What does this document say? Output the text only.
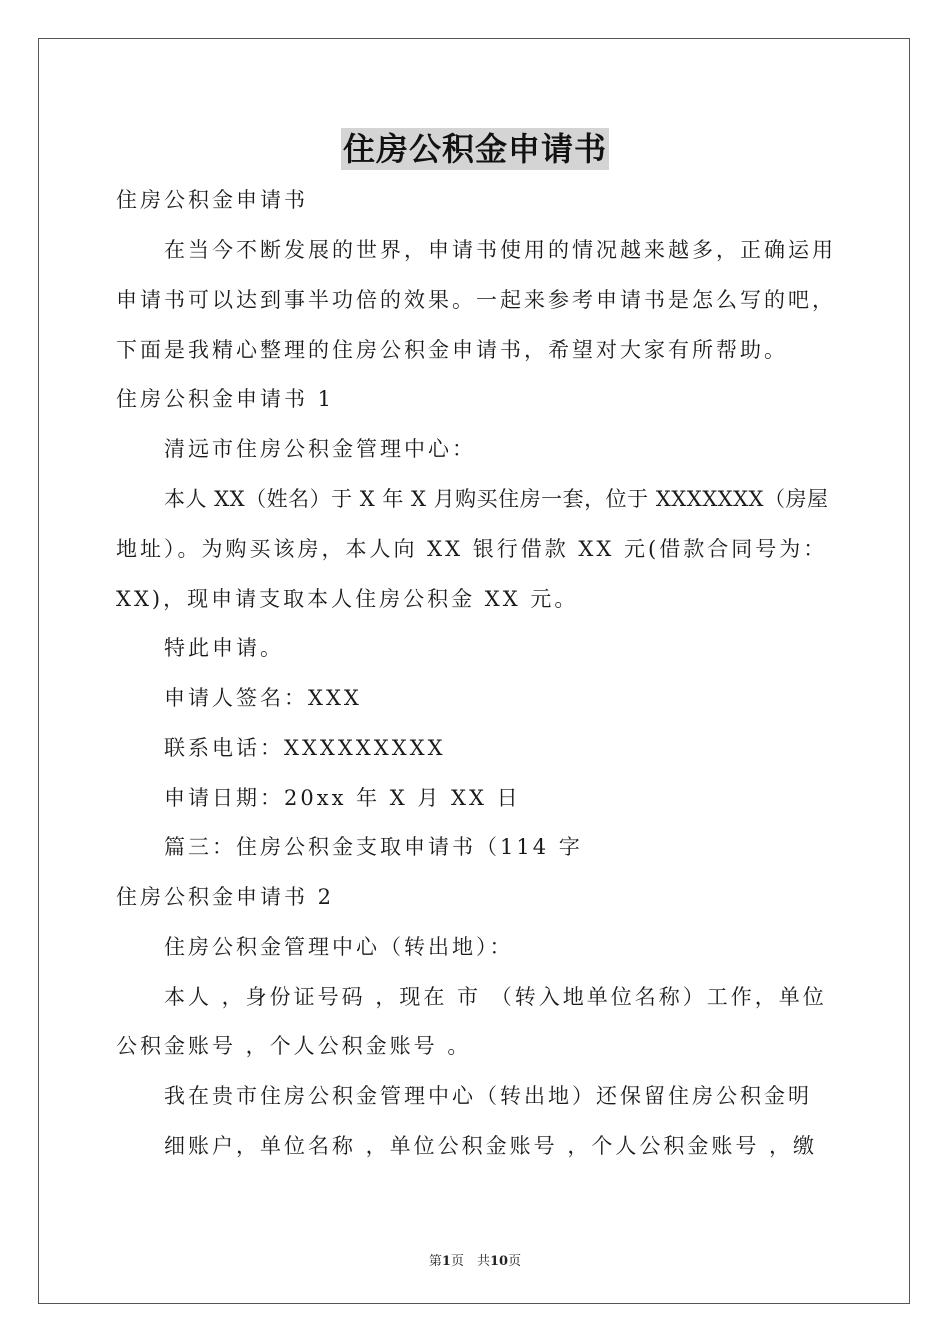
住房公积金申请书
住房公积金申请书
在当今不断发展的世界，申请书使用的情况越来越多，正确运用
申请书可以达到事半功倍的效果。一起来参考申请书是怎么写的吧，
下面是我精心整理的住房公积金申请书，希望对大家有所帮助。
住房公积金申请书 1
清远市住房公积金管理中心：
本人 XX（姓名）于 X 年 X 月购买住房一套，位于 XXXXXXX（房屋
地址）。为购买该房，本人向 XX 银行借款 XX 元(借款合同号为：
XX)，现申请支取本人住房公积金 XX 元。
特此申请。
申请人签名：XXX
联系电话：XXXXXXXXX
申请日期：20xx 年 X 月 XX 日
篇三：住房公积金支取申请书（114 字
住房公积金申请书 2
住房公积金管理中心（转出地）：
本人 ，身份证号码 ，现在 市 （转入地单位名称）工作，单位
公积金账号 ，个人公积金账号 。
我在贵市住房公积金管理中心（转出地）还保留住房公积金明
细账户，单位名称 ，单位公积金账号 ，个人公积金账号 ，缴
第1页　共10页
